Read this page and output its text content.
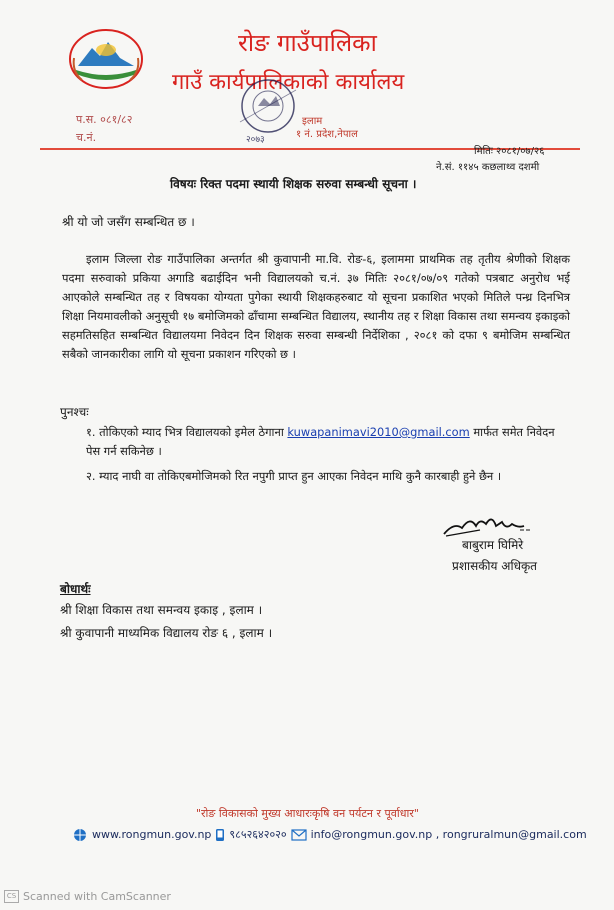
रोङ गाउँपालिका
गाउँ कार्यपालिकाको कार्यालय
प.स. ०८१/८२
च.नं.	२०७३
इलाम
१ नं. प्रदेश,नेपाल
मितिः २०८१/०७/२६
ने.सं. ११४५ कछलाथ्व दशमी
विषयः रिक्त पदमा स्थायी शिक्षक सरुवा सम्बन्धी सूचना ।
श्री यो जो जसँग सम्बन्धित छ ।

इलाम जिल्ला रोङ गाउँपालिका अन्तर्गत श्री कुवापानी मा.वि. रोङ-६, इलाममा प्राथमिक तह तृतीय श्रेणीको शिक्षक पदमा सरुवाको प्रकिया अगाडि बढाईदिन भनी विद्यालयको च.नं. ३७ मितिः २०८१/०७/०९ गतेको पत्रबाट अनुरोध भई आएकोले सम्बन्धित तह र विषयका योग्यता पुगेका स्थायी शिक्षकहरुबाट यो सूचना प्रकाशित भएको मितिले पन्ध्र दिनभित्र शिक्षा नियमावलीको अनुसूची १७ बमोजिमको ढाँचामा सम्बन्धित विद्यालय, स्थानीय तह र शिक्षा विकास तथा समन्वय इकाइको सहमतिसहित सम्बन्धित विद्यालयमा निवेदन दिन शिक्षक सरुवा सम्बन्धी निर्देशिका , २०८१ को दफा ९ बमोजिम सम्बन्धित सबैको जानकारीका लागि यो सूचना प्रकाशन गरिएको छ ।

पुनश्चः
१. तोकिएको म्याद भित्र विद्यालयको इमेल ठेगाना kuwapanimavi2010@gmail.com मार्फत समेत निवेदन पेस गर्न सकिनेछ ।
२. म्याद नाघी वा तोकिएबमोजिमको रित नपुगी प्राप्त हुन आएका निवेदन माथि कुनै कारबाही हुने छैन ।
बाबुराम घिमिरे
प्रशासकीय अधिकृत
बोधार्थः
श्री शिक्षा विकास तथा समन्वय इकाइ , इलाम ।
श्री कुवापानी माध्यमिक विद्यालय रोङ ६ , इलाम ।
"रोङ विकासको मुख्य आधारःकृषि वन पर्यटन र पूर्वाधार"
www.rongmun.gov.np ९८५२६४२०२० info@rongmun.gov.np , rongruralmun@gmail.com
CS Scanned with CamScanner
